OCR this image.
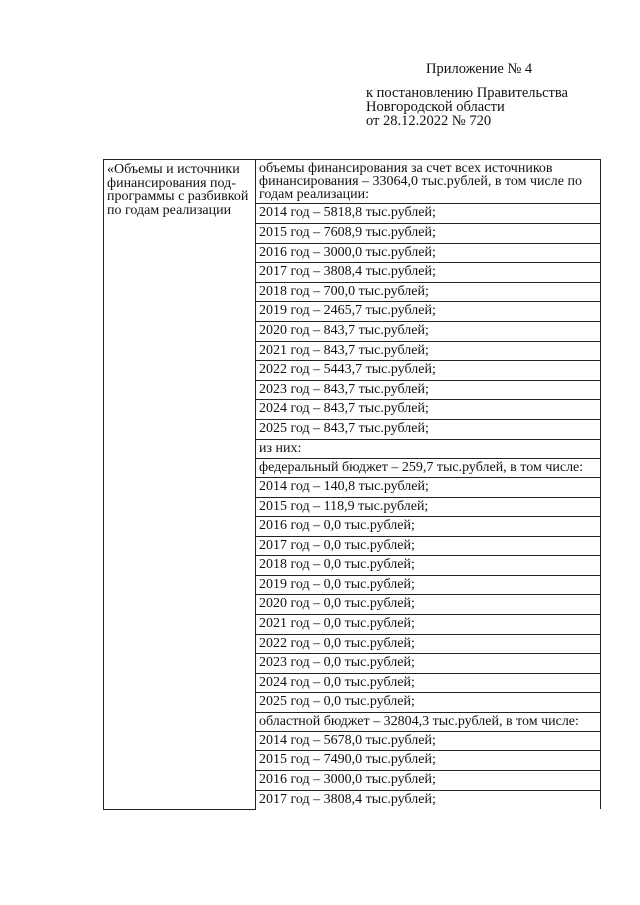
Приложение № 4
к постановлению Правительства
Новгородской области
от 28.12.2022 № 720
«Объемы и источники финансирования под-программы с разбивкой по годам реализации	объемы финансирования за счет всех источников финансирования – 33064,0 тыс.рублей, в том числе по годам реализации:
2014 год – 5818,8 тыс.рублей;
2015 год – 7608,9 тыс.рублей;
2016 год – 3000,0 тыс.рублей;
2017 год – 3808,4 тыс.рублей;
2018 год – 700,0 тыс.рублей;
2019 год – 2465,7 тыс.рублей;
2020 год – 843,7 тыс.рублей;
2021 год – 843,7 тыс.рублей;
2022 год – 5443,7 тыс.рублей;
2023 год – 843,7 тыс.рублей;
2024 год – 843,7 тыс.рублей;
2025 год – 843,7 тыс.рублей;
из них:
федеральный бюджет – 259,7 тыс.рублей, в том числе:
2014 год – 140,8 тыс.рублей;
2015 год – 118,9 тыс.рублей;
2016 год – 0,0 тыс.рублей;
2017 год – 0,0 тыс.рублей;
2018 год – 0,0 тыс.рублей;
2019 год – 0,0 тыс.рублей;
2020 год – 0,0 тыс.рублей;
2021 год – 0,0 тыс.рублей;
2022 год – 0,0 тыс.рублей;
2023 год – 0,0 тыс.рублей;
2024 год – 0,0 тыс.рублей;
2025 год – 0,0 тыс.рублей;
областной бюджет – 32804,3 тыс.рублей, в том числе:
2014 год – 5678,0 тыс.рублей;
2015 год – 7490,0 тыс.рублей;
2016 год – 3000,0 тыс.рублей;
2017 год – 3808,4 тыс.рублей;
